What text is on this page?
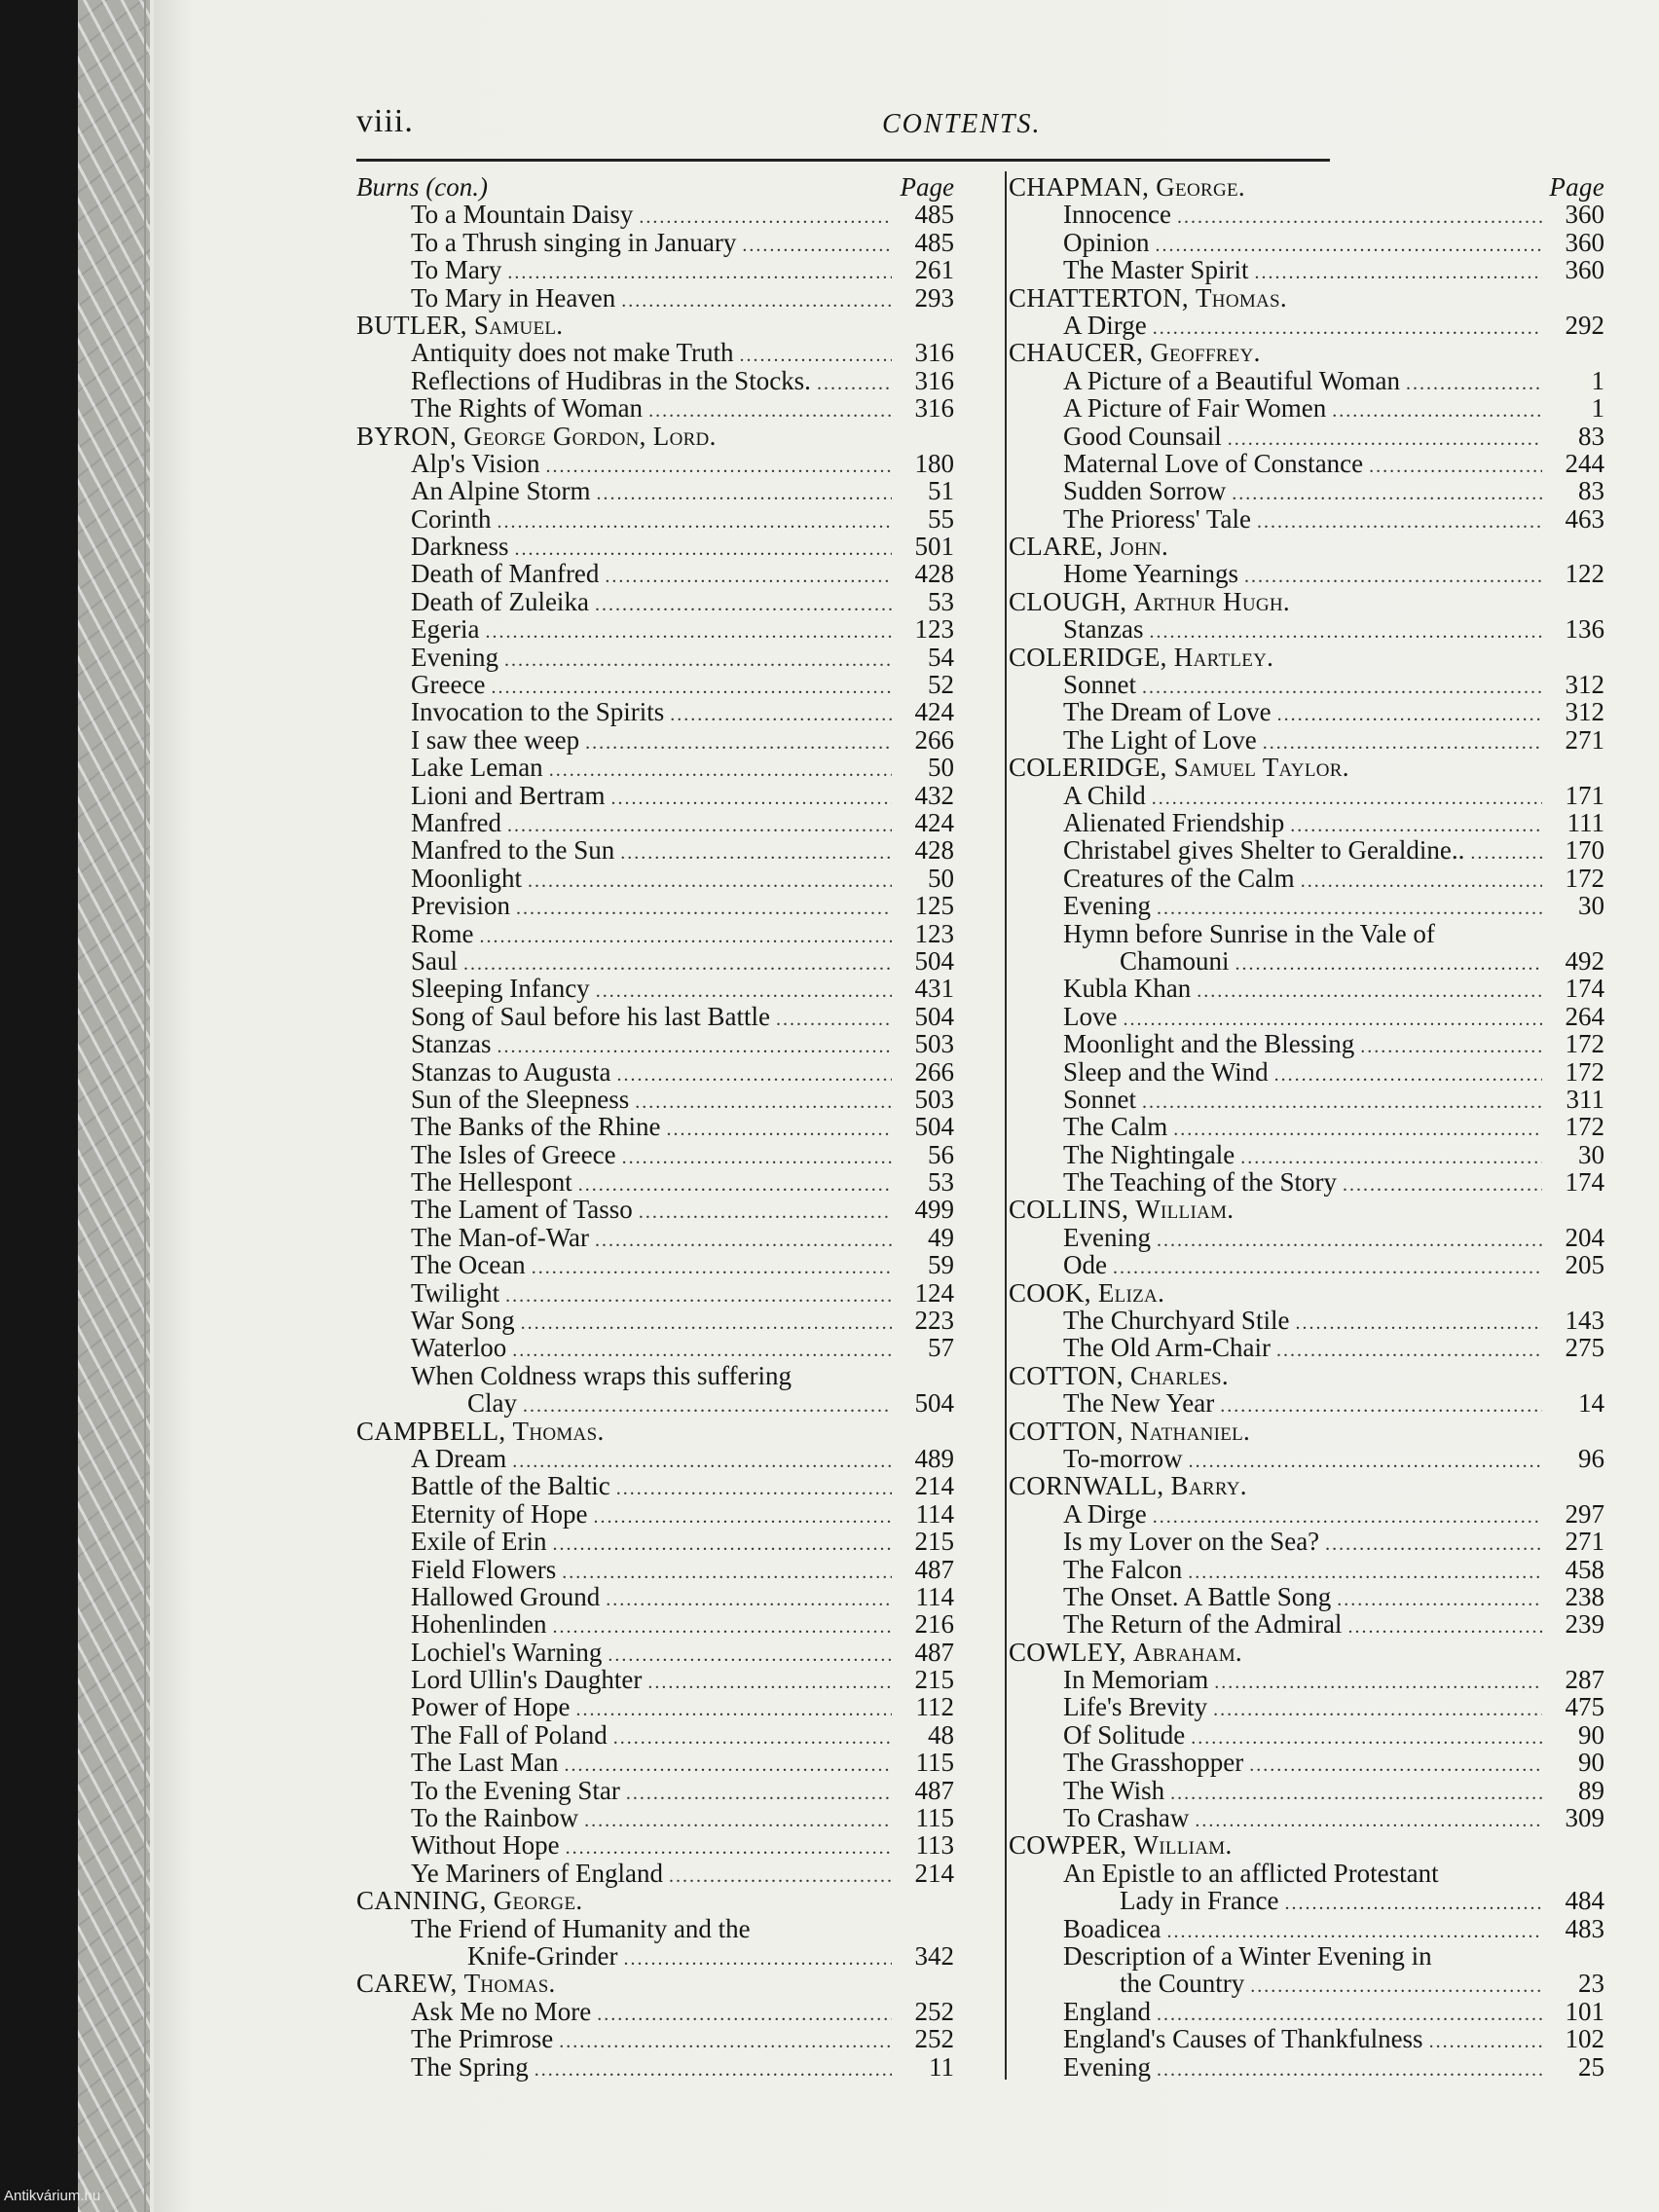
viii.	CONTENTS.
Burns (con.)	Page
To a Mountain Daisy .....	485
To a Thrush singing in January .....	485
To Mary .....	261
To Mary in Heaven .....	293
BUTLER, Samuel.
Antiquity does not make Truth .....	316
Reflections of Hudibras in the Stocks. .....	316
The Rights of Woman .....	316
BYRON, George Gordon, Lord.
Alp's Vision .....	180
An Alpine Storm .....	51
Corinth .....	55
Darkness .....	501
Death of Manfred .....	428
Death of Zuleika .....	53
Egeria .....	123
Evening .....	54
Greece .....	52
Invocation to the Spirits .....	424
I saw thee weep .....	266
Lake Leman .....	50
Lioni and Bertram .....	432
Manfred .....	424
Manfred to the Sun .....	428
Moonlight .....	50
Prevision .....	125
Rome .....	123
Saul .....	504
Sleeping Infancy .....	431
Song of Saul before his last Battle .....	504
Stanzas .....	503
Stanzas to Augusta .....	266
Sun of the Sleepness .....	503
The Banks of the Rhine .....	504
The Isles of Greece .....	56
The Hellespont .....	53
The Lament of Tasso .....	499
The Man-of-War .....	49
The Ocean .....	59
Twilight .....	124
War Song .....	223
Waterloo .....	57
When Coldness wraps this suffering
Clay .....	504
CAMPBELL, Thomas.
A Dream .....	489
Battle of the Baltic .....	214
Eternity of Hope .....	114
Exile of Erin .....	215
Field Flowers .....	487
Hallowed Ground .....	114
Hohenlinden .....	216
Lochiel's Warning .....	487
Lord Ullin's Daughter .....	215
Power of Hope .....	112
The Fall of Poland .....	48
The Last Man .....	115
To the Evening Star .....	487
To the Rainbow .....	115
Without Hope .....	113
Ye Mariners of England .....	214
CANNING, George.
The Friend of Humanity and the
Knife-Grinder .....	342
CAREW, Thomas.
Ask Me no More .....	252
The Primrose .....	252
The Spring .....	11
CHAPMAN, George.	Page
Innocence .....	360
Opinion .....	360
The Master Spirit .....	360
CHATTERTON, Thomas.
A Dirge .....	292
CHAUCER, Geoffrey.
A Picture of a Beautiful Woman .....	1
A Picture of Fair Women .....	1
Good Counsail .....	83
Maternal Love of Constance .....	244
Sudden Sorrow .....	83
The Prioress' Tale .....	463
CLARE, John.
Home Yearnings .....	122
CLOUGH, Arthur Hugh.
Stanzas .....	136
COLERIDGE, Hartley.
Sonnet .....	312
The Dream of Love .....	312
The Light of Love .....	271
COLERIDGE, Samuel Taylor.
A Child .....	171
Alienated Friendship .....	111
Christabel gives Shelter to Geraldine.. .....	170
Creatures of the Calm .....	172
Evening .....	30
Hymn before Sunrise in the Vale of
Chamouni .....	492
Kubla Khan .....	174
Love .....	264
Moonlight and the Blessing .....	172
Sleep and the Wind .....	172
Sonnet .....	311
The Calm .....	172
The Nightingale .....	30
The Teaching of the Story .....	174
COLLINS, William.
Evening .....	204
Ode .....	205
COOK, Eliza.
The Churchyard Stile .....	143
The Old Arm-Chair .....	275
COTTON, Charles.
The New Year .....	14
COTTON, Nathaniel.
To-morrow .....	96
CORNWALL, Barry.
A Dirge .....	297
Is my Lover on the Sea? .....	271
The Falcon .....	458
The Onset. A Battle Song .....	238
The Return of the Admiral .....	239
COWLEY, Abraham.
In Memoriam .....	287
Life's Brevity .....	475
Of Solitude .....	90
The Grasshopper .....	90
The Wish .....	89
To Crashaw .....	309
COWPER, William.
An Epistle to an afflicted Protestant
Lady in France .....	484
Boadicea .....	483
Description of a Winter Evening in
the Country .....	23
England .....	101
England's Causes of Thankfulness .....	102
Evening .....	25
Antikvárium.hu
